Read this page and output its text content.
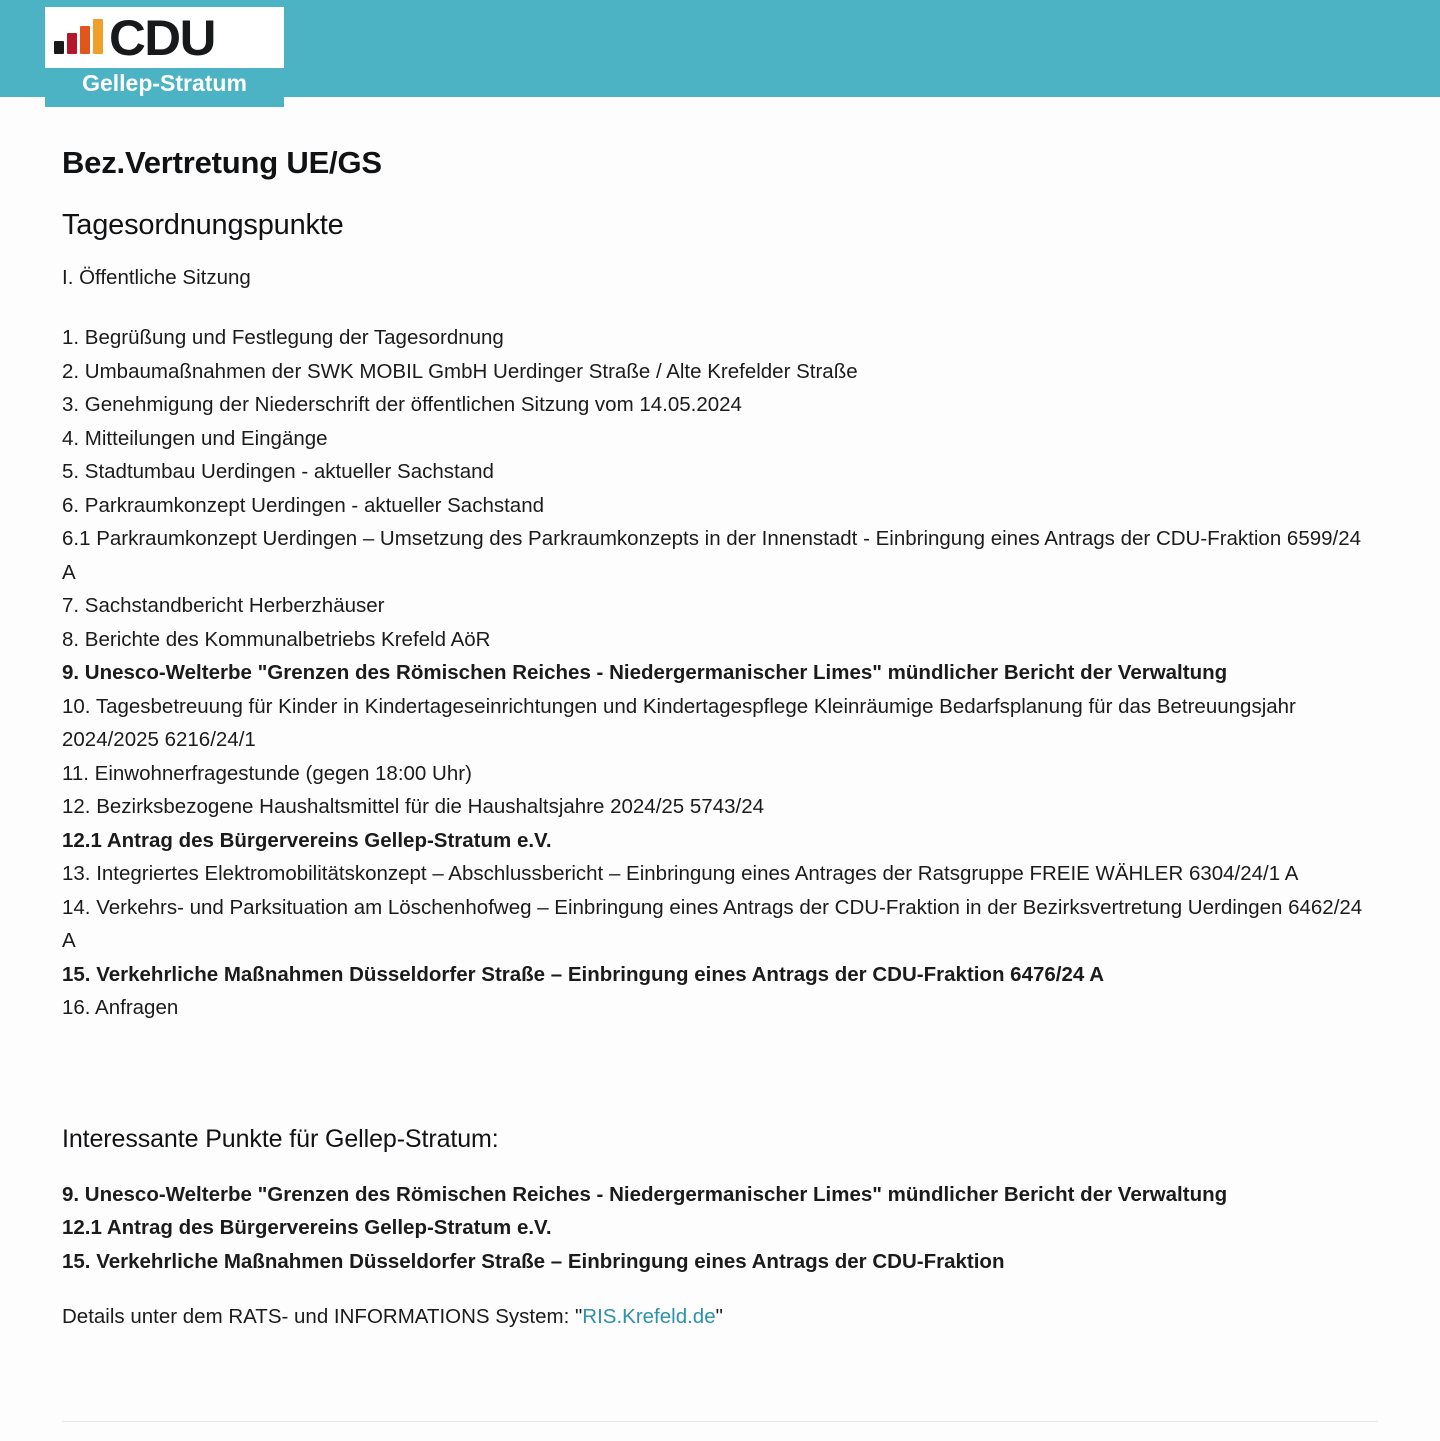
CDU
Gellep-Stratum
Bez.Vertretung UE/GS
Tagesordnungspunkte

I. Öffentliche Sitzung

1. Begrüßung und Festlegung der Tagesordnung
2. Umbaumaßnahmen der SWK MOBIL GmbH Uerdinger Straße / Alte Krefelder Straße
3. Genehmigung der Niederschrift der öffentlichen Sitzung vom 14.05.2024
4. Mitteilungen und Eingänge
5. Stadtumbau Uerdingen - aktueller Sachstand
6. Parkraumkonzept Uerdingen - aktueller Sachstand
6.1 Parkraumkonzept Uerdingen – Umsetzung des Parkraumkonzepts in der Innenstadt - Einbringung eines Antrags der CDU-Fraktion 6599/24 A
7. Sachstandbericht Herberzhäuser
8. Berichte des Kommunalbetriebs Krefeld AöR
9. Unesco-Welterbe "Grenzen des Römischen Reiches - Niedergermanischer Limes" mündlicher Bericht der Verwaltung
10. Tagesbetreuung für Kinder in Kindertageseinrichtungen und Kindertagespflege Kleinräumige Bedarfsplanung für das Betreuungsjahr 2024/2025 6216/24/1
11. Einwohnerfragestunde (gegen 18:00 Uhr)
12. Bezirksbezogene Haushaltsmittel für die Haushaltsjahre 2024/25 5743/24
12.1 Antrag des Bürgervereins Gellep-Stratum e.V.
13. Integriertes Elektromobilitätskonzept – Abschlussbericht – Einbringung eines Antrages der Ratsgruppe FREIE WÄHLER 6304/24/1 A
14. Verkehrs- und Parksituation am Löschenhofweg – Einbringung eines Antrags der CDU-Fraktion in der Bezirksvertretung Uerdingen 6462/24 A
15. Verkehrliche Maßnahmen Düsseldorfer Straße – Einbringung eines Antrags der CDU-Fraktion 6476/24 A
16. Anfragen
Interessante Punkte für Gellep-Stratum:
9. Unesco-Welterbe "Grenzen des Römischen Reiches - Niedergermanischer Limes" mündlicher Bericht der Verwaltung
12.1 Antrag des Bürgervereins Gellep-Stratum e.V.
15. Verkehrliche Maßnahmen Düsseldorfer Straße – Einbringung eines Antrags der CDU-Fraktion

Details unter dem RATS- und INFORMATIONS System: "RIS.Krefeld.de"
